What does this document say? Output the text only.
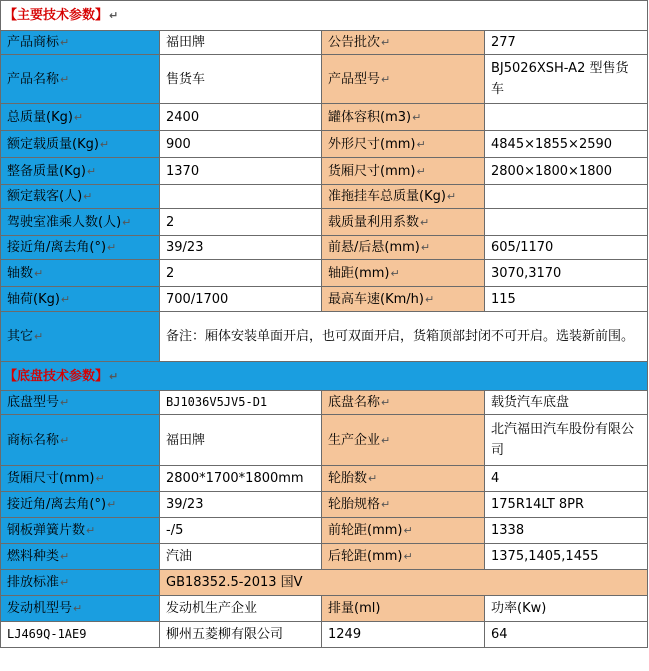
【主要技术参数】↵			
产品商标↵	福田牌	公告批次↵	277
产品名称↵	售货车	产品型号↵	BJ5026XSH-A2 型售货车
总质量(Kg)↵	2400	罐体容积(m3)↵	
额定载质量(Kg)↵	900	外形尺寸(mm)↵	4845×1855×2590
整备质量(Kg)↵	1370	货厢尺寸(mm)↵	2800×1800×1800
额定载客(人)↵		准拖挂车总质量(Kg)↵	
驾驶室准乘人数(人)↵	2	载质量利用系数↵	
接近角/离去角(°)↵	39/23	前悬/后悬(mm)↵	605/1170
轴数↵	2	轴距(mm)↵	3070,3170
轴荷(Kg)↵	700/1700	最高车速(Km/h)↵	115
其它↵	备注：厢体安装单面开启，也可双面开启，货箱顶部封闭不可开启。选装新前围。		
【底盘技术参数】↵			
底盘型号↵	BJ1036V5JV5-D1	底盘名称↵	载货汽车底盘
商标名称↵	福田牌	生产企业↵	北汽福田汽车股份有限公司
货厢尺寸(mm)↵	2800*1700*1800mm	轮胎数↵	4
接近角/离去角(°)↵	39/23	轮胎规格↵	175R14LT 8PR
钢板弹簧片数↵	-/5	前轮距(mm)↵	1338
燃料种类↵	汽油	后轮距(mm)↵	1375,1405,1455
排放标准↵	GB18352.5-2013 国V		
发动机型号↵	发动机生产企业	排量(ml)	功率(Kw)
LJ469Q-1AE9	柳州五菱柳有限公司	1249	64
